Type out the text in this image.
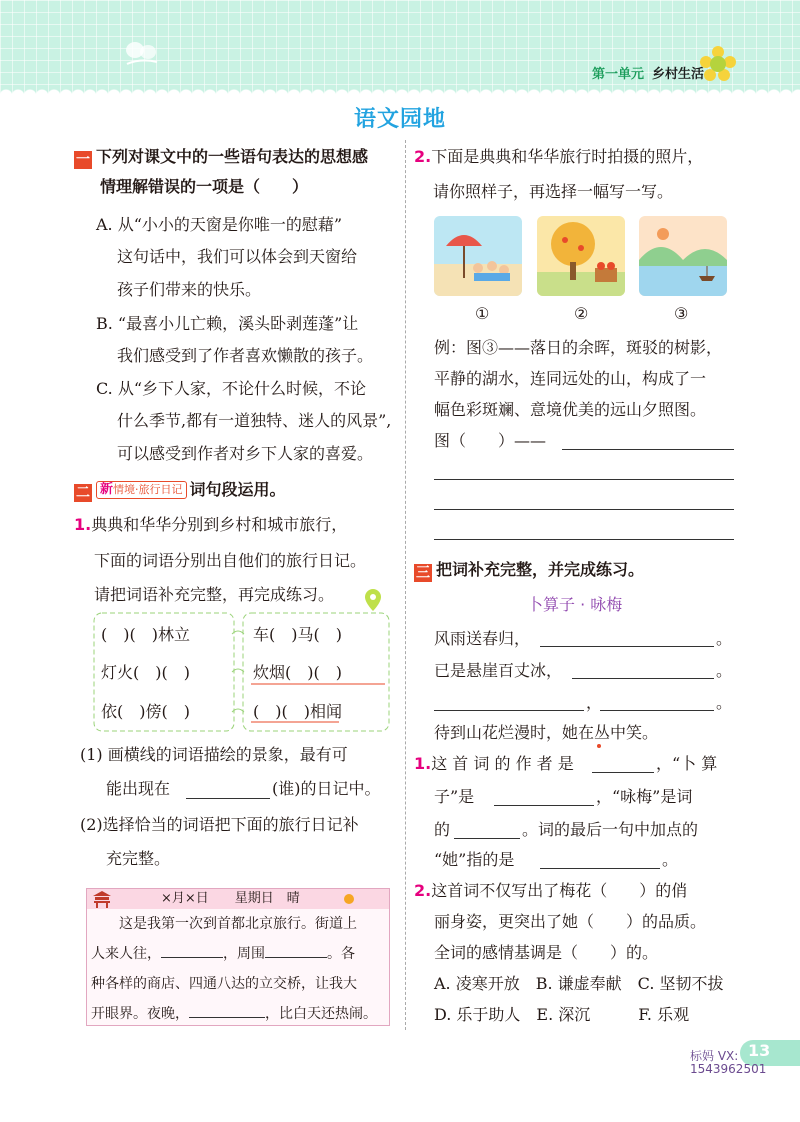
第一单元 乡村生活
语文园地
一 下列对课文中的一些语句表达的思想感
情理解错误的一项是（　　）
A. 从“小小的天窗是你唯一的慰藉”
这句话中，我们可以体会到天窗给
孩子们带来的快乐。
B. “最喜小儿亡赖，溪头卧剥莲蓬”让
我们感受到了作者喜欢懒散的孩子。
C. 从“乡下人家，不论什么时候，不论
什么季节,都有一道独特、迷人的风景”,
可以感受到作者对乡下人家的喜爱。
二 新情境·旅行日记 词句段运用。
1.典典和华华分别到乡村和城市旅行，
下面的词语分别出自他们的旅行日记。
请把词语补充完整，再完成练习。
(　)(　)林立	车(　)马(　)
灯火(　)(　)	炊烟(　)(　)
依(　)傍(　)	(　)(　)相闻
(1) 画横线的词语描绘的景象，最有可
能出现在	(谁)的日记中。
(2)选择恰当的词语把下面的旅行日记补
充完整。
×月×日　　星期日　晴
　　这是我第一次到首都北京旅行。街道上
人来人往，	，周围	。各
种各样的商店、四通八达的立交桥，让我大
开眼界。夜晚，	，比白天还热闹。
2.下面是典典和华华旅行时拍摄的照片，
请你照样子，再选择一幅写一写。
①	②	③
例：图③——落日的余晖，斑驳的树影，
平静的湖水，连同远处的山，构成了一
幅色彩斑斓、意境优美的远山夕照图。
图（　　）——
三 把词补充完整，并完成练习。
卜算子 · 咏梅
风雨送春归，	。
已是悬崖百丈冰，	。
，	。
待到山花烂漫时，她在丛中笑。
1.这 首 词 的 作 者 是	，“卜 算
子”是	，“咏梅”是词
的	。词的最后一句中加点的
“她”指的是	。
2.这首词不仅写出了梅花（　　）的俏
丽身姿，更突出了她（　　）的品质。
全词的感情基调是（　　）的。
A. 凌寒开放　B. 谦虚奉献　C. 坚韧不拔
D. 乐于助人　E. 深沉　　　F. 乐观
13
标妈 VX:
1543962501
